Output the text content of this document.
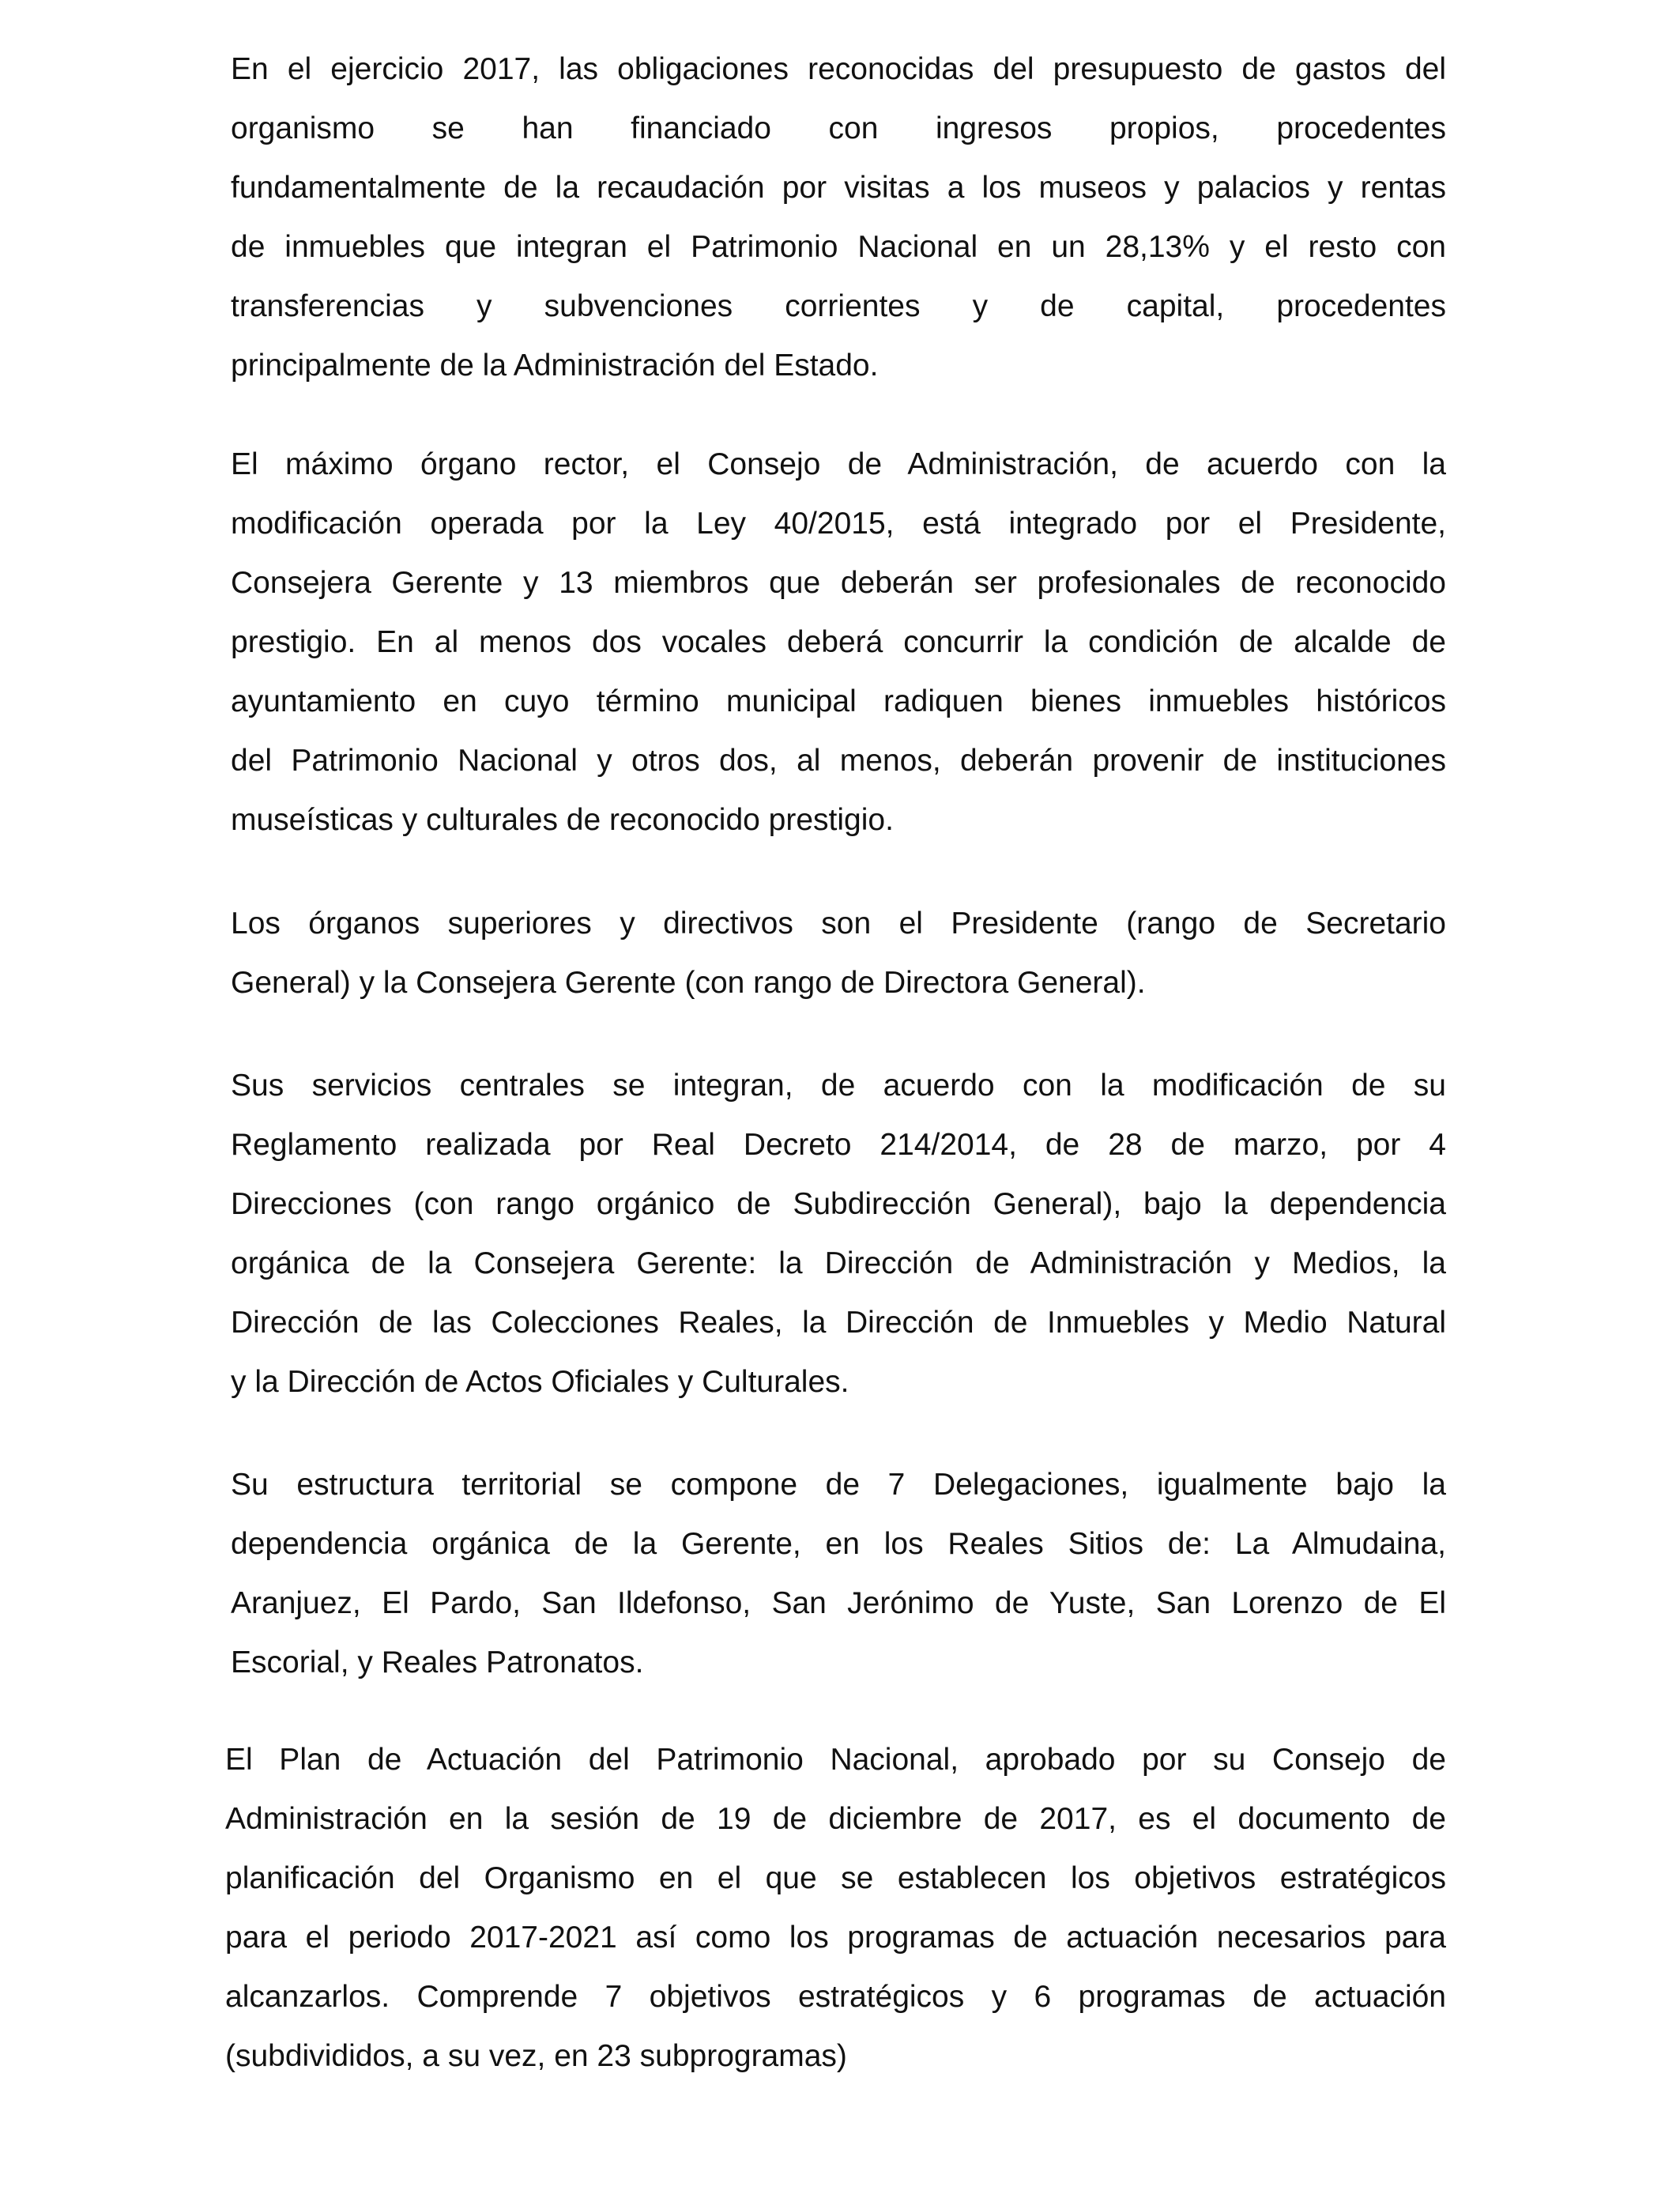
En el ejercicio 2017, las obligaciones reconocidas del presupuesto de gastos del
organismo se han financiado con ingresos propios, procedentes
fundamentalmente de la recaudación por visitas a los museos y palacios y rentas
de inmuebles que integran el Patrimonio Nacional en un 28,13% y el resto con
transferencias y subvenciones corrientes y de capital, procedentes
principalmente de la Administración del Estado.
El máximo órgano rector, el Consejo de Administración, de acuerdo con la
modificación operada por la Ley 40/2015, está integrado por el Presidente,
Consejera Gerente y 13 miembros que deberán ser profesionales de reconocido
prestigio. En al menos dos vocales deberá concurrir la condición de alcalde de
ayuntamiento en cuyo término municipal radiquen bienes inmuebles históricos
del Patrimonio Nacional y otros dos, al menos, deberán provenir de instituciones
museísticas y culturales de reconocido prestigio.
Los órganos superiores y directivos son el Presidente (rango de Secretario
General) y la Consejera Gerente (con rango de Directora General).
Sus servicios centrales se integran, de acuerdo con la modificación de su
Reglamento realizada por Real Decreto 214/2014, de 28 de marzo, por 4
Direcciones (con rango orgánico de Subdirección General), bajo la dependencia
orgánica de la Consejera Gerente: la Dirección de Administración y Medios, la
Dirección de las Colecciones Reales, la Dirección de Inmuebles y Medio Natural
y la Dirección de Actos Oficiales y Culturales.
Su estructura territorial se compone de 7 Delegaciones, igualmente bajo la
dependencia orgánica de la Gerente, en los Reales Sitios de: La Almudaina,
Aranjuez, El Pardo, San Ildefonso, San Jerónimo de Yuste, San Lorenzo de El
Escorial, y Reales Patronatos.
El Plan de Actuación del Patrimonio Nacional, aprobado por su Consejo de
Administración en la sesión de 19 de diciembre de 2017, es el documento de
planificación del Organismo en el que se establecen los objetivos estratégicos
para el periodo 2017-2021 así como los programas de actuación necesarios para
alcanzarlos. Comprende 7 objetivos estratégicos y 6 programas de actuación
(subdivididos, a su vez, en 23 subprogramas)
